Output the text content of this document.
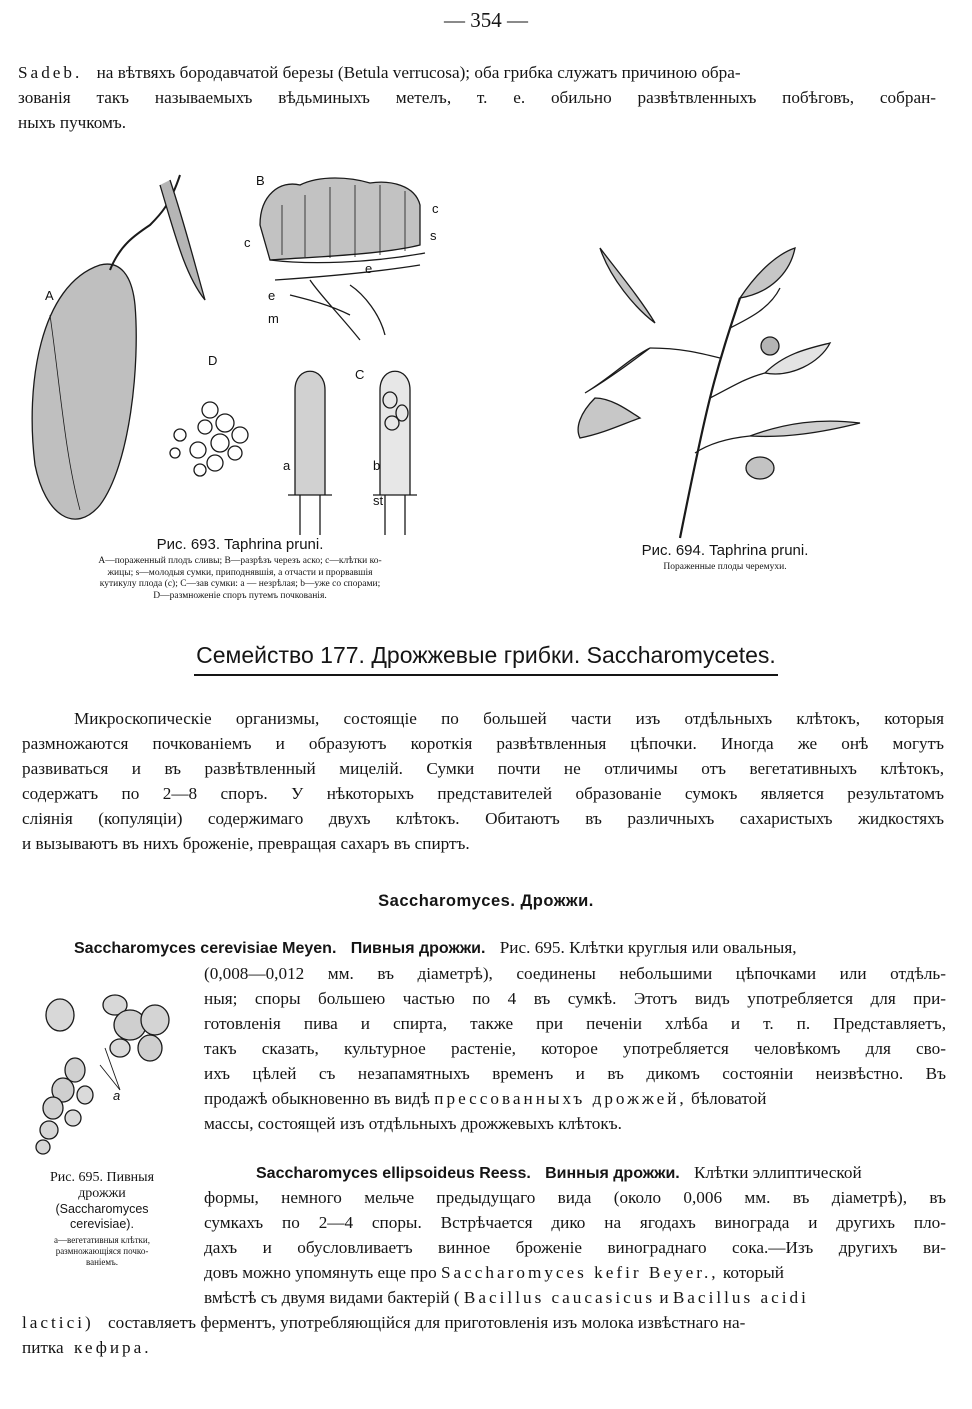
— 354 —
Sadeb. на вѣтвяхъ бородавчатой березы (Betula verrucosa); оба грибка служатъ причиною обра-
зованія такъ называемыхъ вѣдьминыхъ метелъ, т. е. обильно развѣтвленныхъ побѣговъ, собран-
ныхъ пучкомъ.
A
B
c
c	s
e
e
m
D
C
a	b
st
Рис. 693. Taphrina pruni.
A—пораженный плодъ сливы; B—разрѣзъ черезъ аско; c—клѣтки ко-
жицы; s—молодыя сумки, приподнявшія, а отчасти и прорвавшія
кутикулу плода (c); C—зав сумки: a — незрѣлая; b—уже со спорами;
D—размноженіе споръ путемъ почкованія.
Рис. 694. Taphrina pruni.
Пораженные плоды черемухи.
Семейство 177. Дрожжевые грибки. Saccharomycetes.
Микроскопическіе организмы, состоящіе по большей части изъ отдѣльныхъ клѣтокъ, которыя
размножаются почкованіемъ и образуютъ короткія развѣтвленныя цѣпочки. Иногда же онѣ могутъ
развиваться и въ развѣтвленный мицелій. Сумки почти не отличимы отъ вегетативныхъ клѣтокъ,
содержатъ по 2—8 споръ. У нѣкоторыхъ представителей образованіе сумокъ является результатомъ
слiянія (копуляціи) содержимаго двухъ клѣтокъ. Обитаютъ въ различныхъ сахаристыхъ жидкостяхъ
и вызываютъ въ нихъ броженіе, превращая сахаръ въ спиртъ.
Saccharomyces. Дрожжи.
Saccharomyces cerevisiae Meyen. Пивныя дрожжи. Рис. 695. Клѣтки круглыя или овальныя,
a
Рис. 695. Пивныя
дрожжи
(Saccharomyces
cerevisiae).
a—вегетативныя клѣтки,
размножающіяся почко-
ваніемъ.
(0,008—0,012 мм. въ діаметрѣ), соединены небольшими цѣпочками или отдѣль-
ныя; споры большею частью по 4 въ сумкѣ. Этотъ видъ употребляется для при-
готовленія пива и спирта, также при печеніи хлѣба и т. п. Представляетъ,
такъ сказать, культурное растеніе, которое употребляется человѣкомъ для сво-
ихъ цѣлей съ незапамятныхъ временъ и въ дикомъ состояніи неизвѣстно. Въ
продажѣ обыкновенно въ видѣ прессованныхъ дрожжей, бѣловатой
массы, состоящей изъ отдѣльныхъ дрожжевыхъ клѣтокъ.
Saccharomyces ellipsoideus Reess. Винныя дрожжи. Клѣтки эллиптической
формы, немного мельче предыдущаго вида (около 0,006 мм. въ діаметрѣ), въ
сумкахъ по 2—4 споры. Встрѣчается дико на ягодахъ винограда и другихъ пло-
дахъ и обусловливаетъ винное броженіе винограднаго сока.—Изъ другихъ ви-
довъ можно упомянуть еще про Saccharomyces kefir Beyer., который
вмѣстѣ съ двумя видами бактерій ( Bacillus caucasicus и Bacillus acidi
lactici) составляетъ ферментъ, употребляющійся для приготовленія изъ молока извѣстнаго на-
питка кефира.
